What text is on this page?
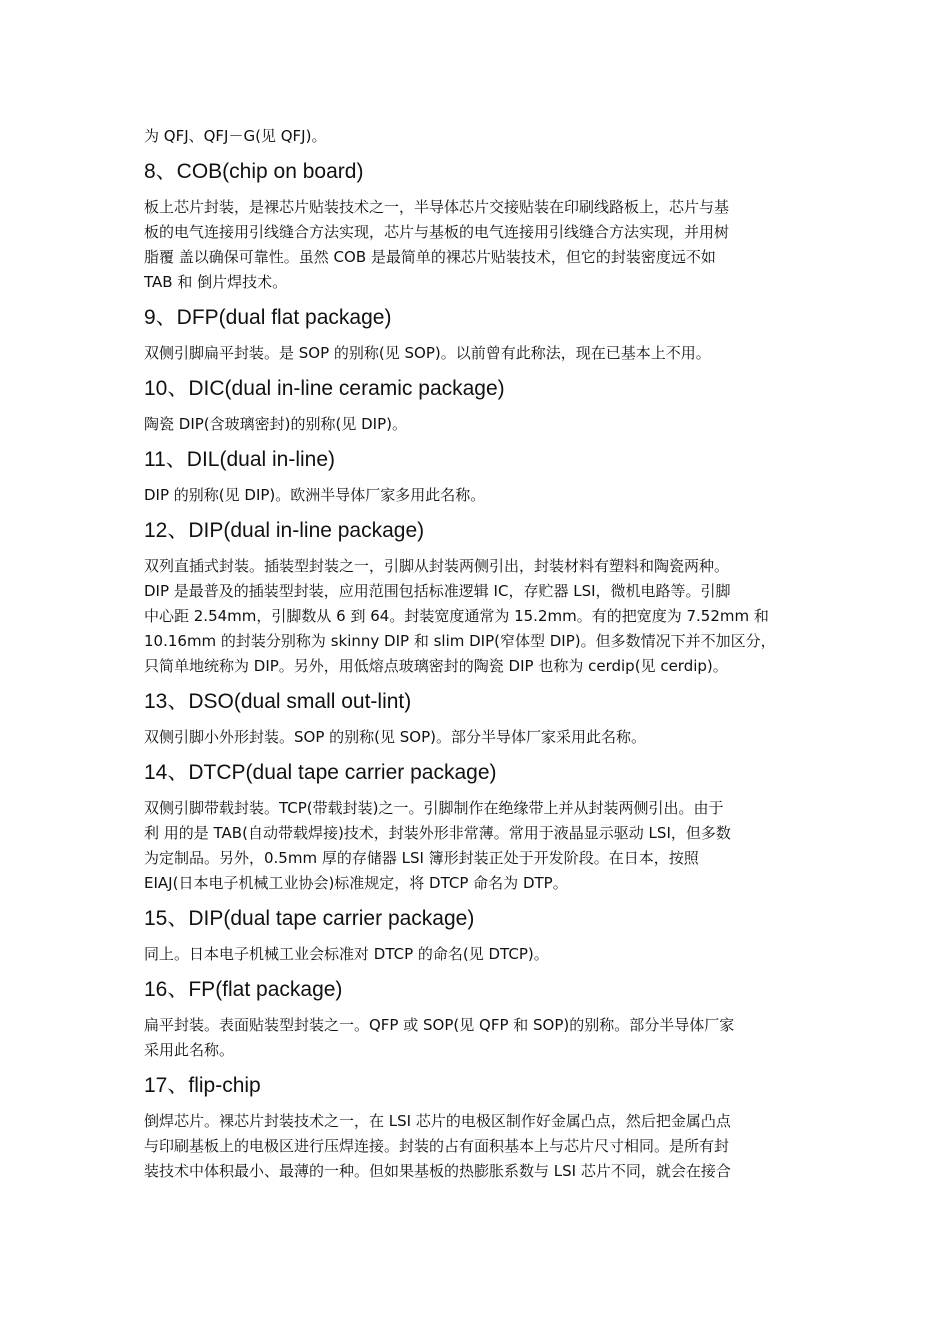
为 QFJ、QFJ－G(见 QFJ)。

8、COB(chip on board)

板上芯片封装，是裸芯片贴装技术之一，半导体芯片交接贴装在印刷线路板上，芯片与基
板的电气连接用引线缝合方法实现，芯片与基板的电气连接用引线缝合方法实现，并用树
脂覆 盖以确保可靠性。虽然 COB 是最简单的裸芯片贴装技术，但它的封装密度远不如
TAB 和 倒片焊技术。

9、DFP(dual flat package)

双侧引脚扁平封装。是 SOP 的别称(见 SOP)。以前曾有此称法，现在已基本上不用。

10、DIC(dual in-line ceramic package)

陶瓷 DIP(含玻璃密封)的别称(见 DIP)。

11、DIL(dual in-line)

DIP 的别称(见 DIP)。欧洲半导体厂家多用此名称。

12、DIP(dual in-line package)

双列直插式封装。插装型封装之一，引脚从封装两侧引出，封装材料有塑料和陶瓷两种。
DIP 是最普及的插装型封装，应用范围包括标准逻辑 IC，存贮器 LSI，微机电路等。引脚
中心距 2.54mm，引脚数从 6 到 64。封装宽度通常为 15.2mm。有的把宽度为 7.52mm 和
10.16mm 的封装分别称为 skinny DIP 和 slim DIP(窄体型 DIP)。但多数情况下并不加区分，
只简单地统称为 DIP。另外，用低熔点玻璃密封的陶瓷 DIP 也称为 cerdip(见 cerdip)。

13、DSO(dual small out-lint)

双侧引脚小外形封装。SOP 的别称(见 SOP)。部分半导体厂家采用此名称。

14、DTCP(dual tape carrier package)

双侧引脚带载封装。TCP(带载封装)之一。引脚制作在绝缘带上并从封装两侧引出。由于
利 用的是 TAB(自动带载焊接)技术，封装外形非常薄。常用于液晶显示驱动 LSI，但多数
为定制品。另外，0.5mm 厚的存储器 LSI 簿形封装正处于开发阶段。在日本，按照
EIAJ(日本电子机械工业协会)标准规定，将 DTCP 命名为 DTP。

15、DIP(dual tape carrier package)

同上。日本电子机械工业会标准对 DTCP 的命名(见 DTCP)。

16、FP(flat package)

扁平封装。表面贴装型封装之一。QFP 或 SOP(见 QFP 和 SOP)的别称。部分半导体厂家
采用此名称。

17、flip-chip

倒焊芯片。裸芯片封装技术之一，在 LSI 芯片的电极区制作好金属凸点，然后把金属凸点
与印刷基板上的电极区进行压焊连接。封装的占有面积基本上与芯片尺寸相同。是所有封
装技术中体积最小、最薄的一种。但如果基板的热膨胀系数与 LSI 芯片不同，就会在接合
